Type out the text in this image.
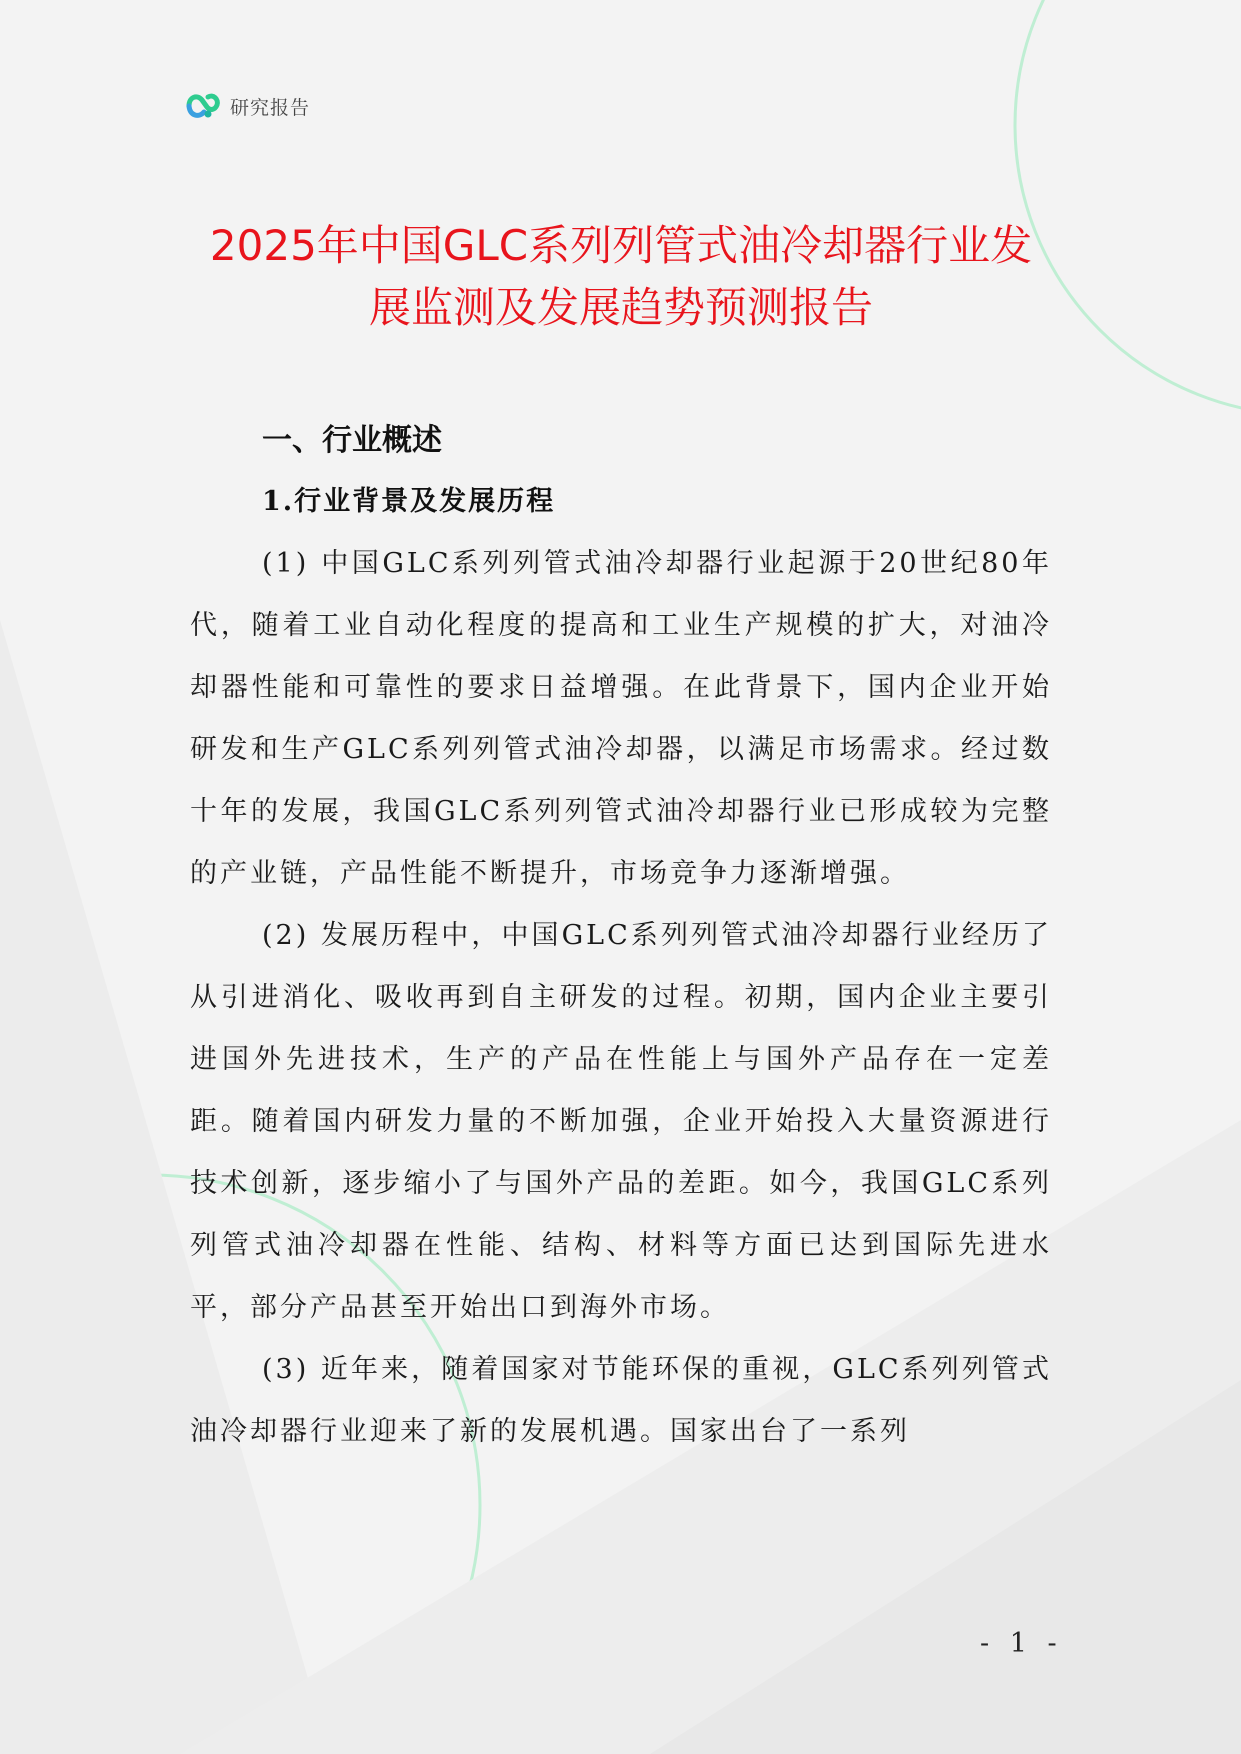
研究报告
2025年中国GLC系列列管式油冷却器行业发
展监测及发展趋势预测报告
一、行业概述
1.行业背景及发展历程

(1) 中国GLC系列列管式油冷却器行业起源于20世纪80年代，随着工业自动化程度的提高和工业生产规模的扩大，对油冷却器性能和可靠性的要求日益增强。在此背景下，国内企业开始研发和生产GLC系列列管式油冷却器，以满足市场需求。经过数十年的发展，我国GLC系列列管式油冷却器行业已形成较为完整的产业链，产品性能不断提升，市场竞争力逐渐增强。

(2) 发展历程中，中国GLC系列列管式油冷却器行业经历了从引进消化、吸收再到自主研发的过程。初期，国内企业主要引进国外先进技术，生产的产品在性能上与国外产品存在一定差距。随着国内研发力量的不断加强，企业开始投入大量资源进行技术创新，逐步缩小了与国外产品的差距。如今，我国GLC系列列管式油冷却器在性能、结构、材料等方面已达到国际先进水平，部分产品甚至开始出口到海外市场。

(3) 近年来，随着国家对节能环保的重视，GLC系列列管式油冷却器行业迎来了新的发展机遇。国家出台了一系列

- 1 -
